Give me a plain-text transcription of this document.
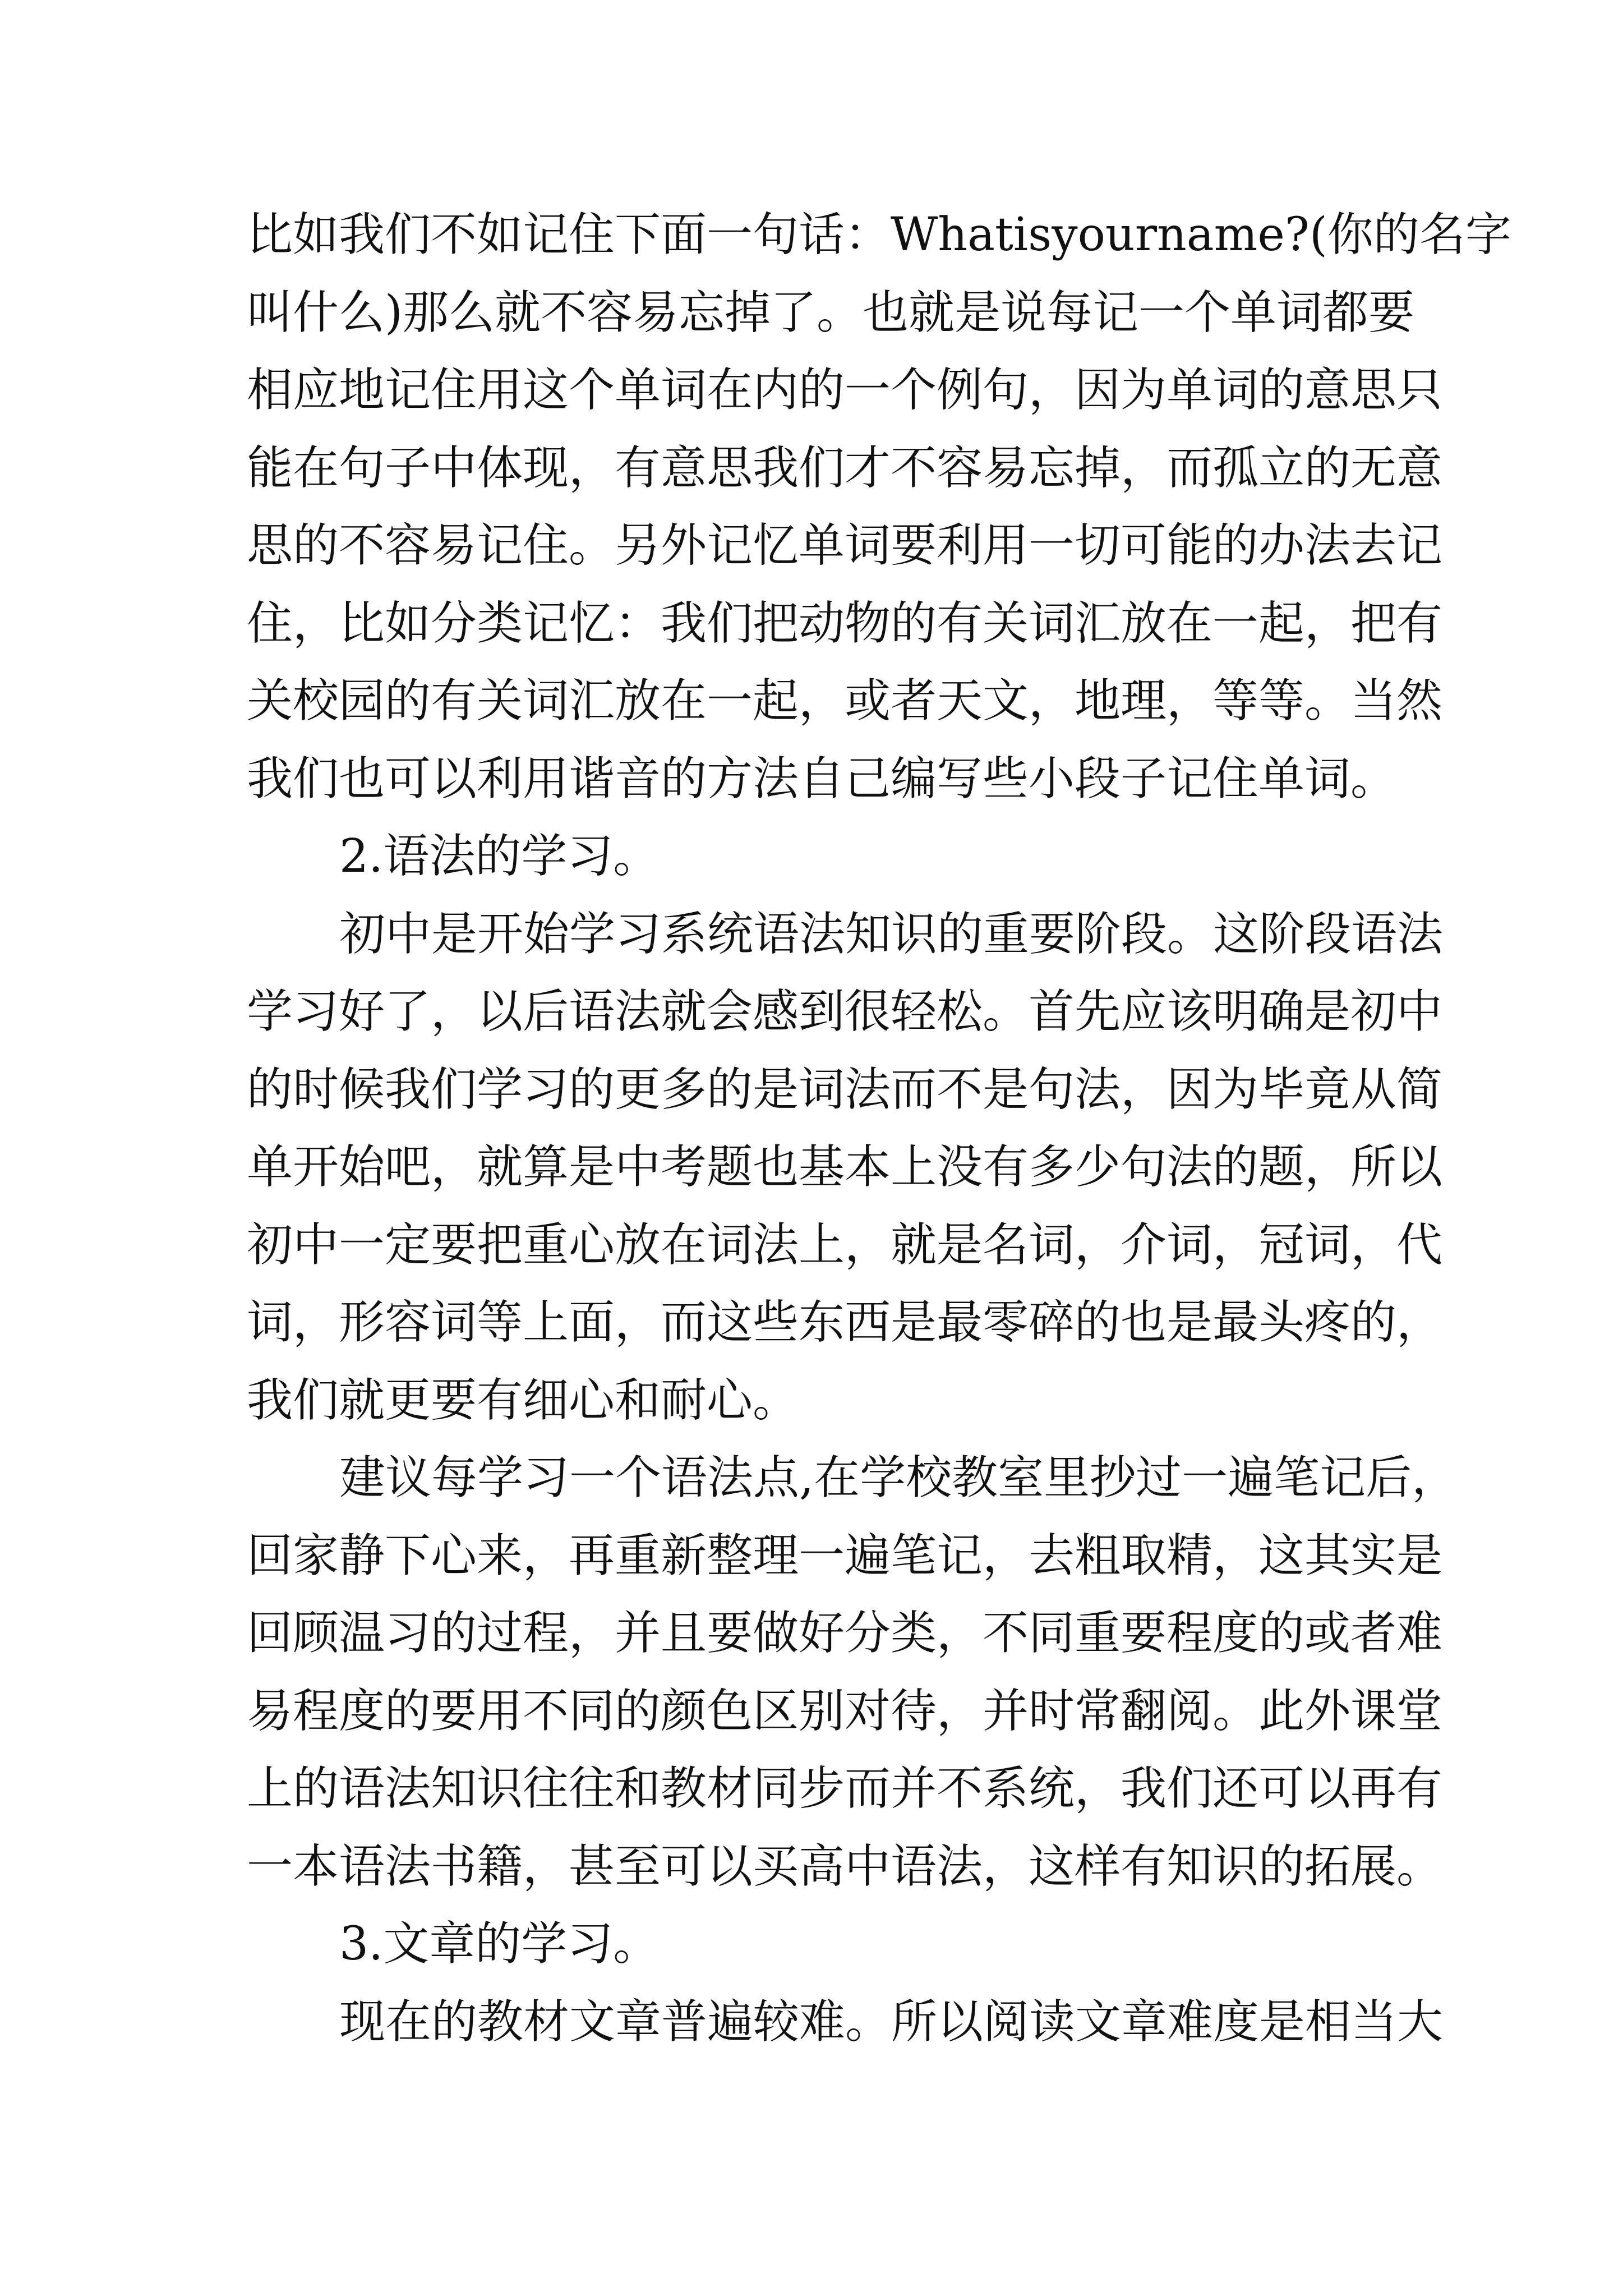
比如我们不如记住下面一句话：Whatisyourname?(你的名字
叫什么)那么就不容易忘掉了。也就是说每记一个单词都要
相应地记住用这个单词在内的一个例句，因为单词的意思只
能在句子中体现，有意思我们才不容易忘掉，而孤立的无意
思的不容易记住。另外记忆单词要利用一切可能的办法去记
住，比如分类记忆：我们把动物的有关词汇放在一起，把有
关校园的有关词汇放在一起，或者天文，地理，等等。当然
我们也可以利用谐音的方法自己编写些小段子记住单词。
2.语法的学习。
初中是开始学习系统语法知识的重要阶段。这阶段语法
学习好了，以后语法就会感到很轻松。首先应该明确是初中
的时候我们学习的更多的是词法而不是句法，因为毕竟从简
单开始吧，就算是中考题也基本上没有多少句法的题，所以
初中一定要把重心放在词法上，就是名词，介词，冠词，代
词，形容词等上面，而这些东西是最零碎的也是最头疼的，
我们就更要有细心和耐心。
建议每学习一个语法点,在学校教室里抄过一遍笔记后，
回家静下心来，再重新整理一遍笔记，去粗取精，这其实是
回顾温习的过程，并且要做好分类，不同重要程度的或者难
易程度的要用不同的颜色区别对待，并时常翻阅。此外课堂
上的语法知识往往和教材同步而并不系统，我们还可以再有
一本语法书籍，甚至可以买高中语法，这样有知识的拓展。
3.文章的学习。
现在的教材文章普遍较难。所以阅读文章难度是相当大
